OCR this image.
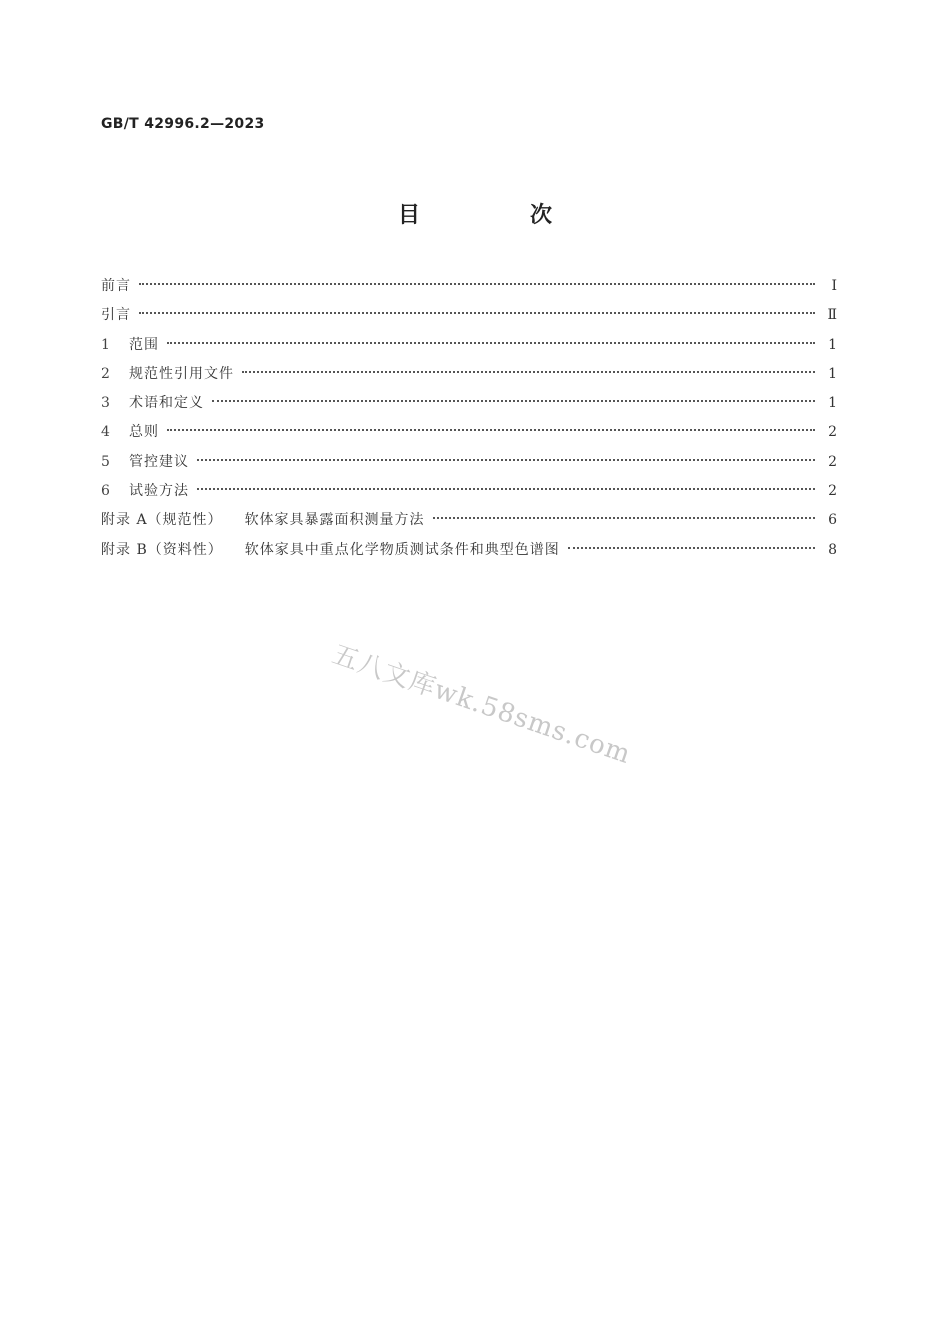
GB/T 42996.2—2023
目　次
前言	Ⅰ
引言	Ⅱ
1	范围	1
2	规范性引用文件	1
3	术语和定义	1
4	总则	2
5	管控建议	2
6	试验方法	2
附录 A（规范性） 软体家具暴露面积测量方法	6
附录 B（资料性） 软体家具中重点化学物质测试条件和典型色谱图	8
五八文库wk.58sms.com
